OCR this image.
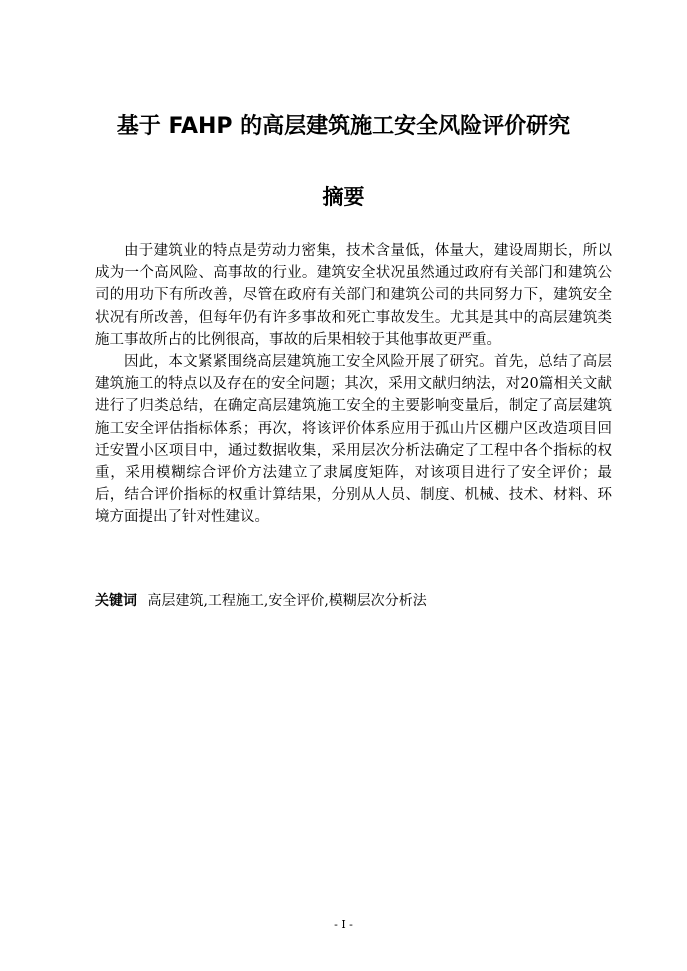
基于 FAHP 的高层建筑施工安全风险评价研究
摘要

由于建筑业的特点是劳动力密集，技术含量低，体量大，建设周期长，所以成为一个高风险、高事故的行业。建筑安全状况虽然通过政府有关部门和建筑公司的用功下有所改善，尽管在政府有关部门和建筑公司的共同努力下，建筑安全状况有所改善，但每年仍有许多事故和死亡事故发生。尤其是其中的高层建筑类施工事故所占的比例很高，事故的后果相较于其他事故更严重。

因此，本文紧紧围绕高层建筑施工安全风险开展了研究。首先，总结了高层建筑施工的特点以及存在的安全问题；其次，采用文献归纳法，对20篇相关文献进行了归类总结，在确定高层建筑施工安全的主要影响变量后，制定了高层建筑施工安全评估指标体系；再次，将该评价体系应用于孤山片区棚户区改造项目回迁安置小区项目中，通过数据收集，采用层次分析法确定了工程中各个指标的权重，采用模糊综合评价方法建立了隶属度矩阵，对该项目进行了安全评价；最后，结合评价指标的权重计算结果，分别从人员、制度、机械、技术、材料、环境方面提出了针对性建议。

关键词 高层建筑,工程施工,安全评价,模糊层次分析法
- I -
